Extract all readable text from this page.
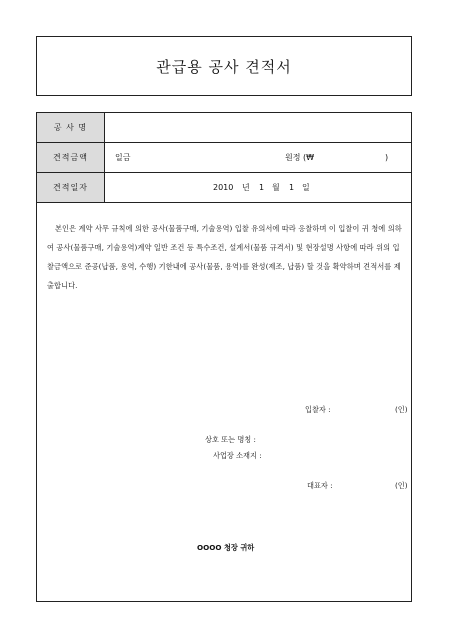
관급용 공사 견적서
공 사 명
견적금액	일금	원정 (₩	)
견적일자	2010 년 1 월 1 일
본인은 계약 사무 규칙에 의한 공사(물품구매, 기술용역) 입찰 유의서에 따라 응찰하며 이 입찰이 귀 청에 의하여 공사(물품구매, 기술용역)계약 일반 조건 등 특수조건, 설계서(물품 규격서) 및 현장설명 사항에 따라 위의 입찰금액으로 준공(납품, 용역, 수행) 기한내에 공사(물품, 용역)를 완성(제조, 납품) 할 것을 확약하며 견적서를 제출합니다.
입찰자 :	(인)
상호 또는 명칭 :
사업장 소재지 :
대표자 :	(인)
OOOO 청장 귀하
